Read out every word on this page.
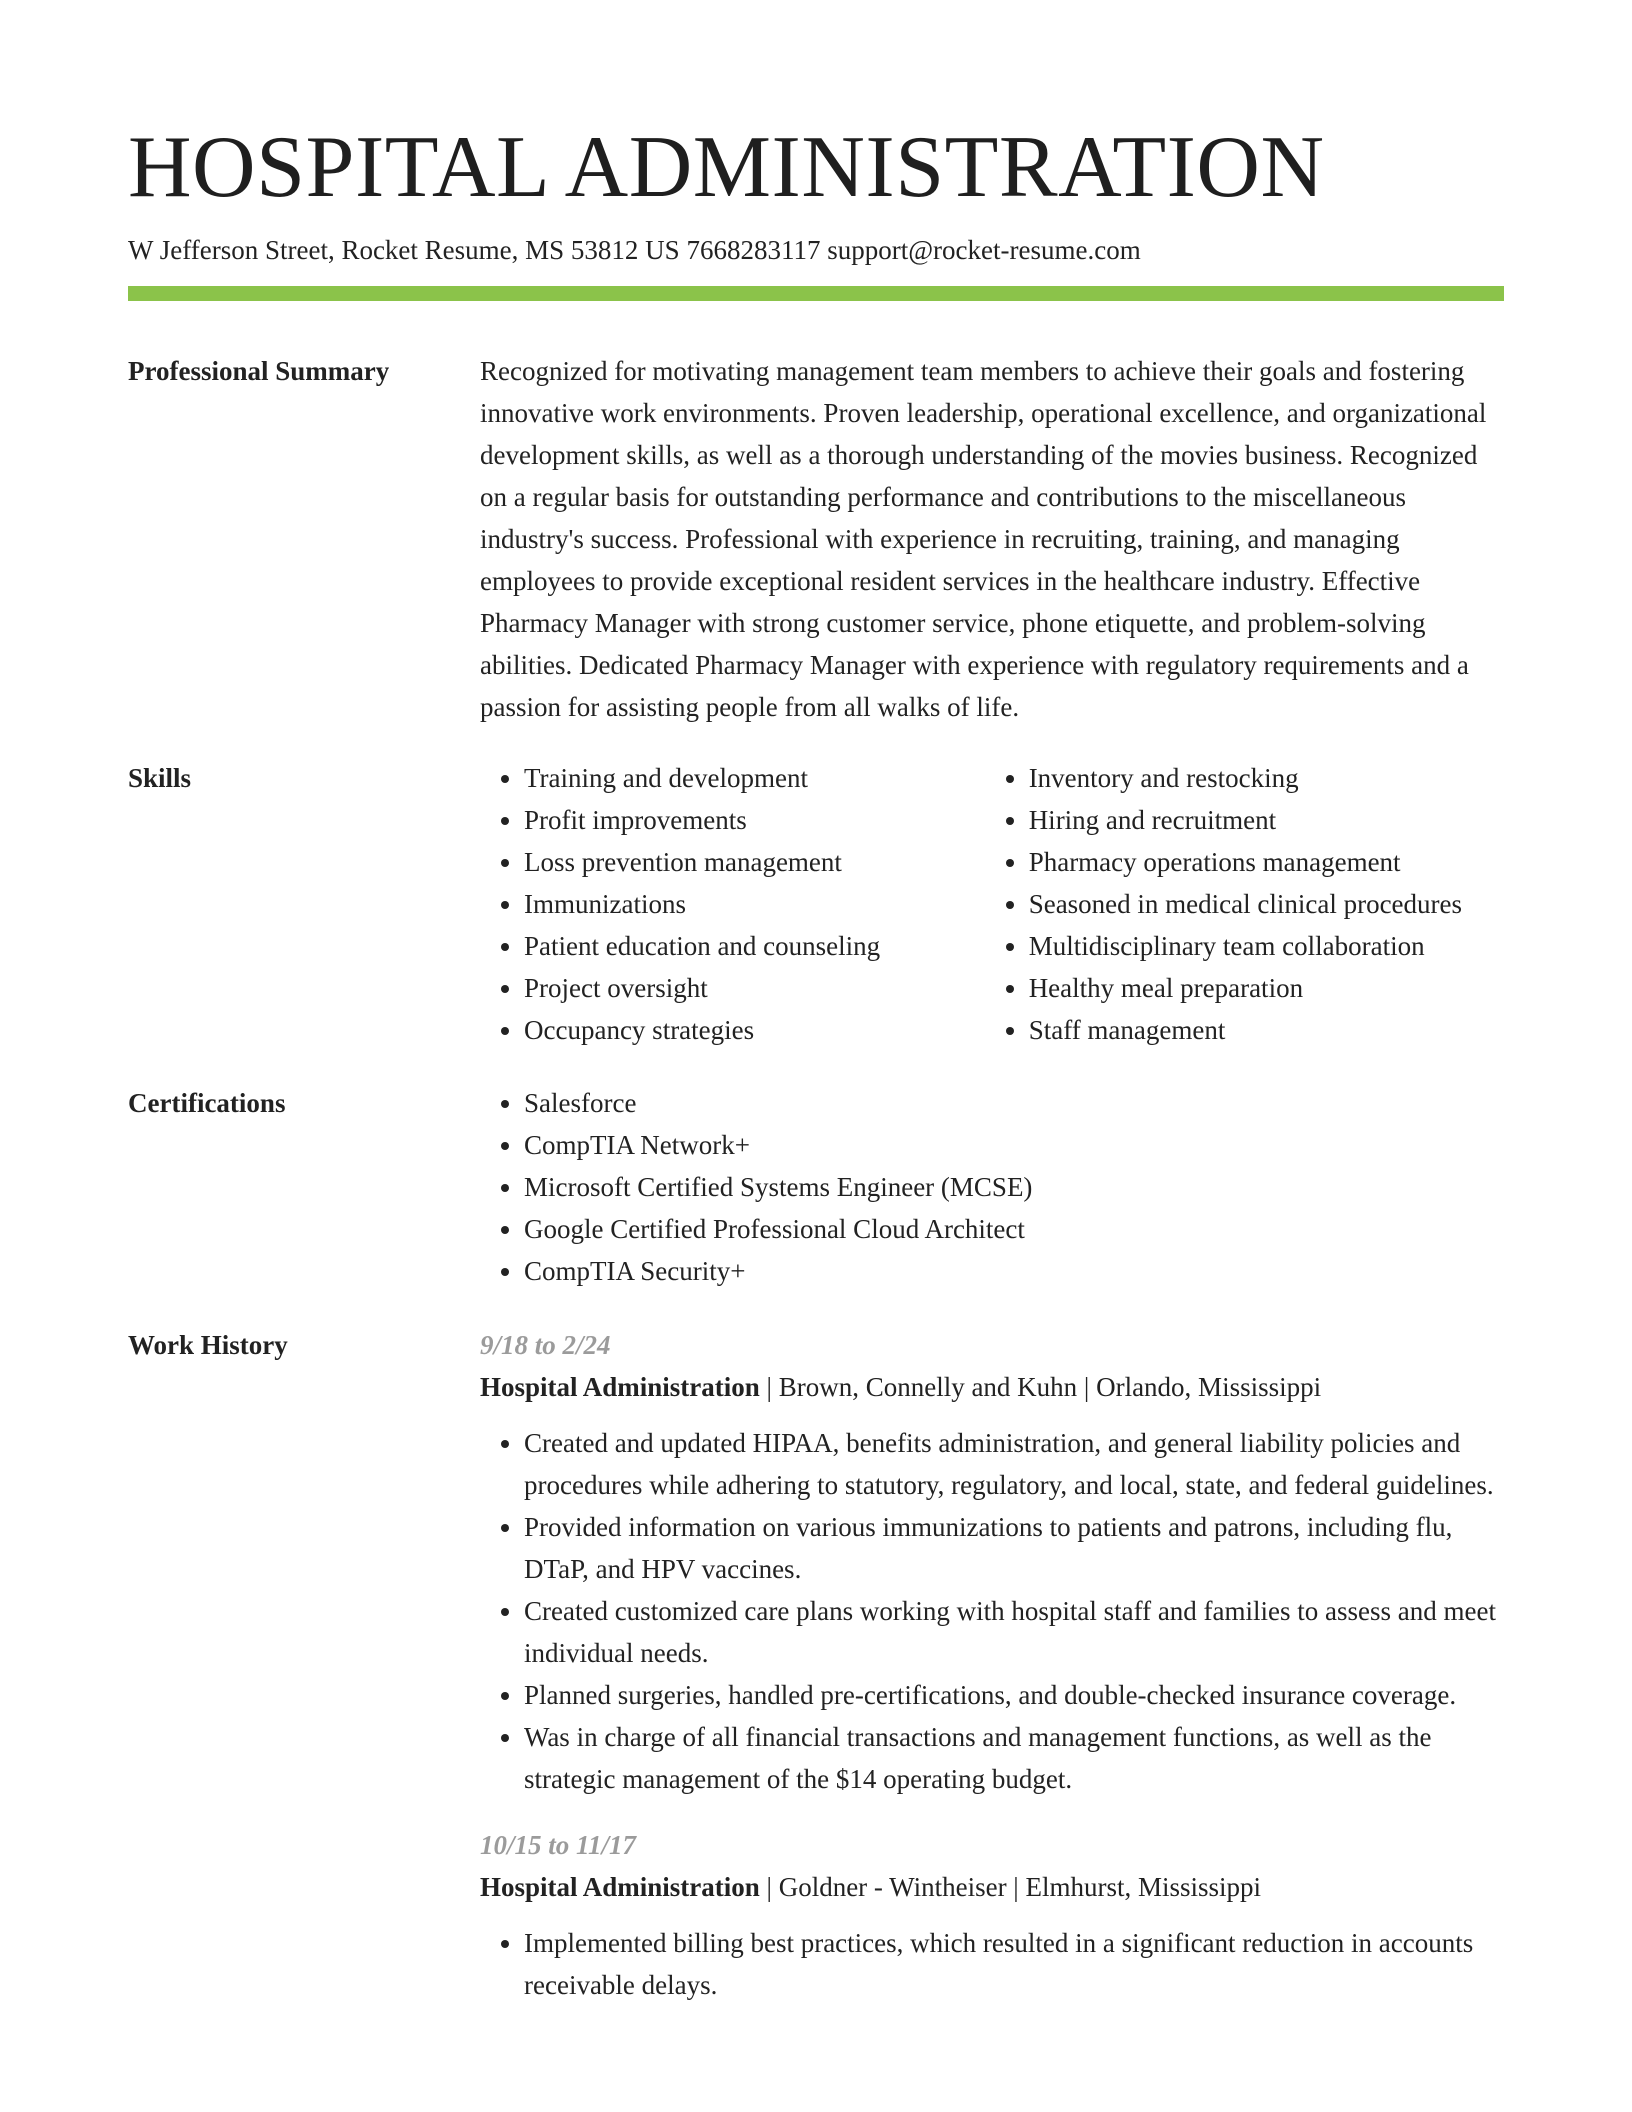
HOSPITAL ADMINISTRATION
W Jefferson Street, Rocket Resume, MS 53812 US 7668283117 support@rocket-resume.com
Professional Summary	Recognized for motivating management team members to achieve their goals and fostering innovative work environments. Proven leadership, operational excellence, and organizational development skills, as well as a thorough understanding of the movies business. Recognized on a regular basis for outstanding performance and contributions to the miscellaneous industry's success. Professional with experience in recruiting, training, and managing employees to provide exceptional resident services in the healthcare industry. Effective Pharmacy Manager with strong customer service, phone etiquette, and problem-solving abilities. Dedicated Pharmacy Manager with experience with regulatory requirements and a passion for assisting people from all walks of life.

Skills	• Training and development
• Profit improvements
• Loss prevention management
• Immunizations
• Patient education and counseling
• Project oversight
• Occupancy strategies
• Inventory and restocking
• Hiring and recruitment
• Pharmacy operations management
• Seasoned in medical clinical procedures
• Multidisciplinary team collaboration
• Healthy meal preparation
• Staff management
Certifications	• Salesforce
• CompTIA Network+
• Microsoft Certified Systems Engineer (MCSE)
• Google Certified Professional Cloud Architect
• CompTIA Security+
Work History	9/18 to 2/24
Hospital Administration | Brown, Connelly and Kuhn | Orlando, Mississippi
• Created and updated HIPAA, benefits administration, and general liability policies and procedures while adhering to statutory, regulatory, and local, state, and federal guidelines.
• Provided information on various immunizations to patients and patrons, including flu, DTaP, and HPV vaccines.
• Created customized care plans working with hospital staff and families to assess and meet individual needs.
• Planned surgeries, handled pre-certifications, and double-checked insurance coverage.
• Was in charge of all financial transactions and management functions, as well as the strategic management of the $14 operating budget.
10/15 to 11/17
Hospital Administration | Goldner - Wintheiser | Elmhurst, Mississippi
• Implemented billing best practices, which resulted in a significant reduction in accounts receivable delays.
